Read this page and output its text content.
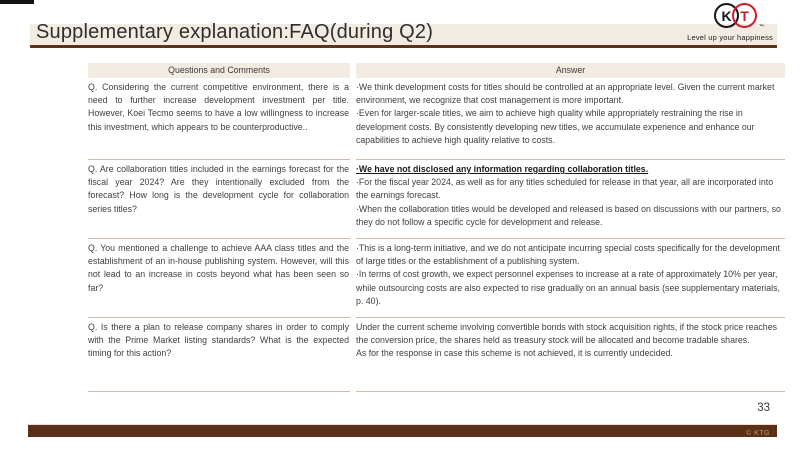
K T
™
Supplementary explanation:FAQ(during Q2)	Level up your happiness
Questions and Comments	Answer

Q. Considering the current competitive environment, there is a need to further increase development investment per title. However, Koei Tecmo seems to have a low willingness to increase this investment, which appears to be counterproductive..

·We think development costs for titles should be controlled at an appropriate level. Given the current market environment, we recognize that cost management is more important.

·Even for larger-scale titles, we aim to achieve high quality while appropriately restraining the rise in development costs. By consistently developing new titles, we accumulate experience and enhance our capabilities to achieve high quality relative to costs.

Q. Are collaboration titles included in the earnings forecast for the fiscal year 2024? Are they intentionally excluded from the forecast? How long is the development cycle for collaboration series titles?

·We have not disclosed any information regarding collaboration titles.

·For the fiscal year 2024, as well as for any titles scheduled for release in that year, all are incorporated into the earnings forecast.

·When the collaboration titles would be developed and released is based on discussions with our partners, so they do not follow a specific cycle for development and release.

Q. You mentioned a challenge to achieve AAA class titles and the establishment of an in-house publishing system. However, will this not lead to an increase in costs beyond what has been seen so far?

·This is a long-term initiative, and we do not anticipate incurring special costs specifically for the development of large titles or the establishment of a publishing system.

·In terms of cost growth, we expect personnel expenses to increase at a rate of approximately 10% per year, while outsourcing costs are also expected to rise gradually on an annual basis (see supplementary materials, p. 40).

Q. Is there a plan to release company shares in order to comply with the Prime Market listing standards? What is the expected timing for this action?

Under the current scheme involving convertible bonds with stock acquisition rights, if the stock price reaches the conversion price, the shares held as treasury stock will be allocated and become tradable shares.

As for the response in case this scheme is not achieved, it is currently undecided.

33
© KTG
